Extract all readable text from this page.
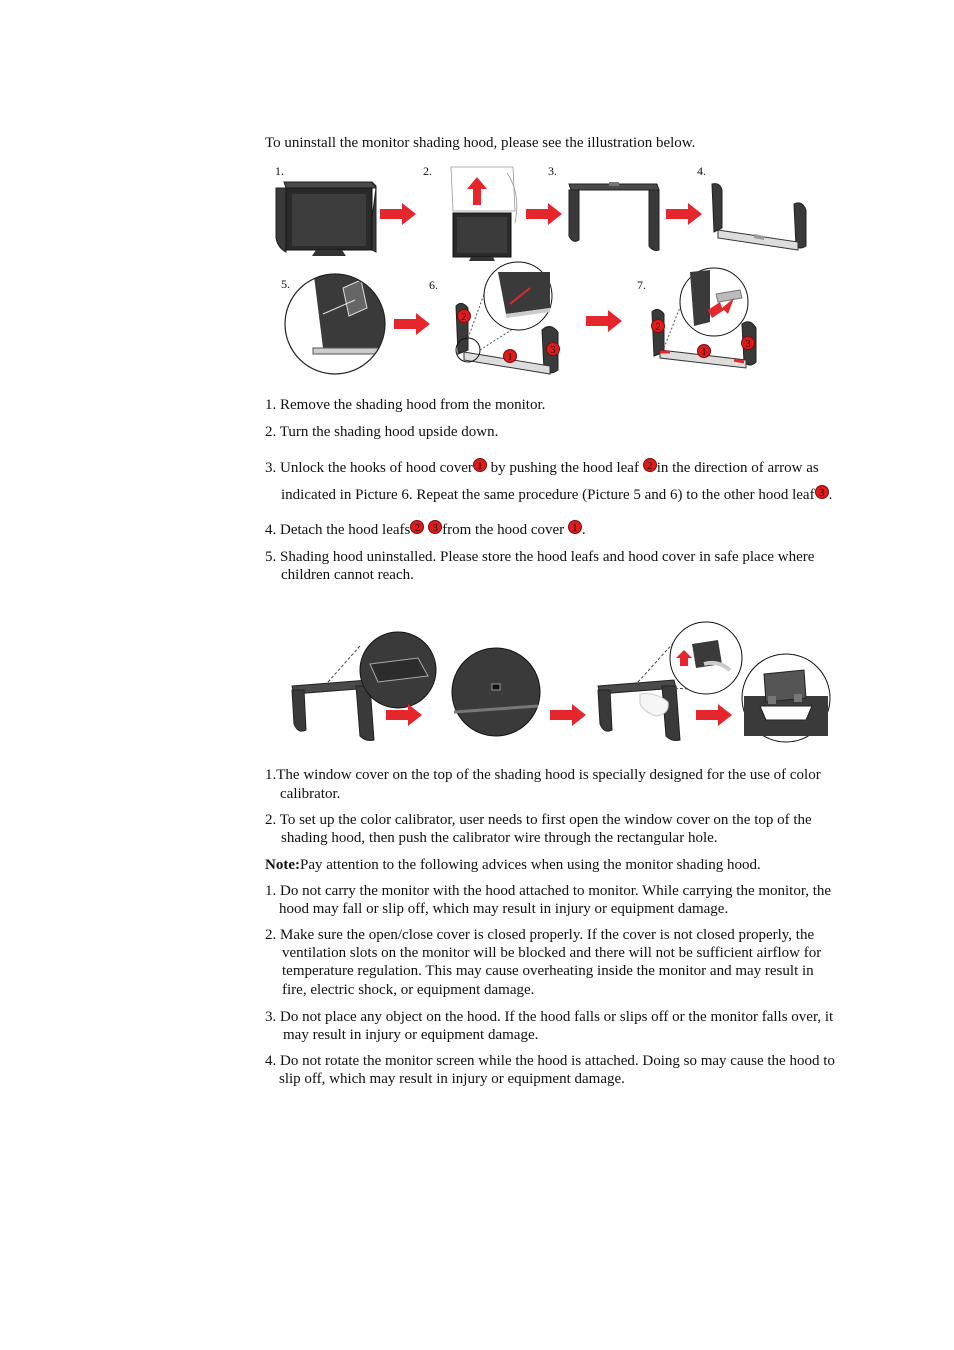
To uninstall the monitor shading hood, please see the illustration below.
1.	2.	3.	4.
5.	6.	7.
2
1
3
2
1
3
1. Remove the shading hood from the monitor.
2. Turn the shading hood upside down.
3. Unlock the hooks of hood cover 1 by pushing the hood leaf 2 in the direction of arrow as
indicated in Picture 6. Repeat the same procedure (Picture 5 and 6) to the other hood leaf 3 .
4. Detach the hood leafs 2 3 from the hood cover 1 .
5. Shading hood uninstalled. Please store the hood leafs and hood cover in safe place where
children cannot reach.
1.The window cover on the top of the shading hood is specially designed for the use of color
calibrator.
2. To set up the color calibrator, user needs to first open the window cover on the top of the
shading hood, then push the calibrator wire through the rectangular hole.
Note:Pay attention to the following advices when using the monitor shading hood.
1. Do not carry the monitor with the hood attached to monitor. While carrying the monitor, the
hood may fall or slip off, which may result in injury or equipment damage.
2. Make sure the open/close cover is closed properly. If the cover is not closed properly, the
ventilation slots on the monitor will be blocked and there will not be sufficient airflow for
temperature regulation. This may cause overheating inside the monitor and may result in
fire, electric shock, or equipment damage.
3. Do not place any object on the hood. If the hood falls or slips off or the monitor falls over, it
may result in injury or equipment damage.
4. Do not rotate the monitor screen while the hood is attached. Doing so may cause the hood to
slip off, which may result in injury or equipment damage.
